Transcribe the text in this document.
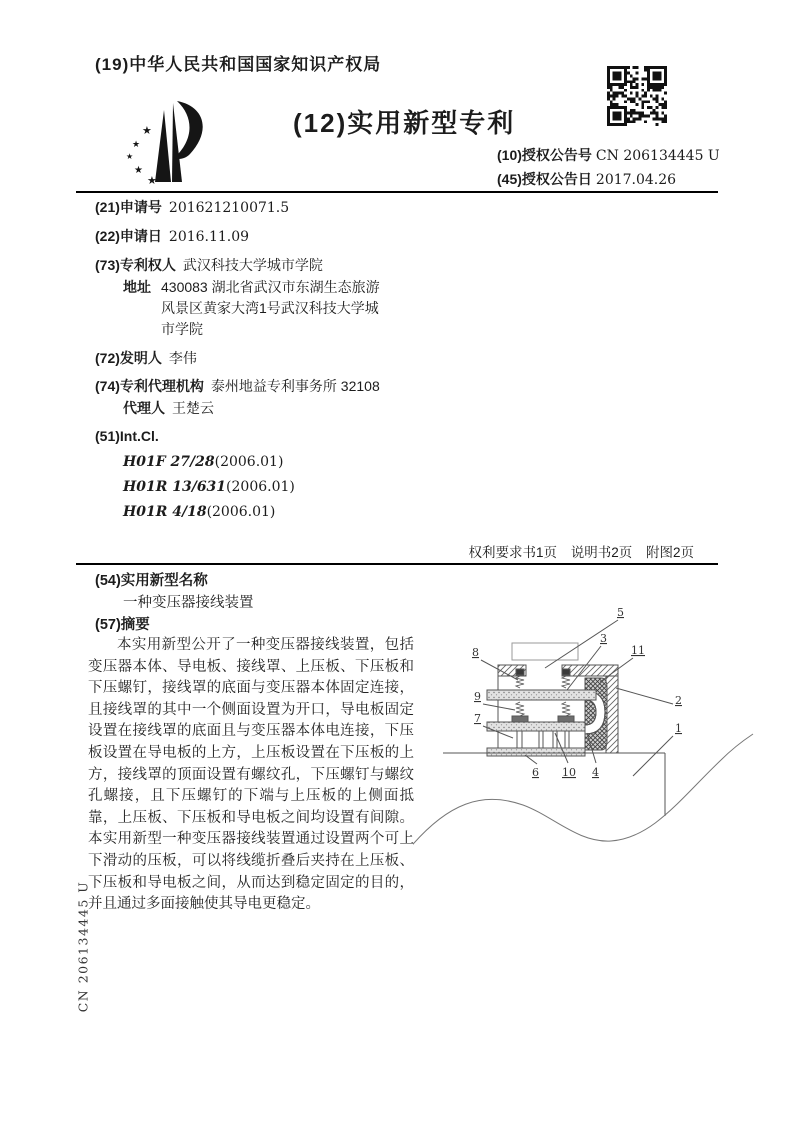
CN 206134445 U
(19)中华人民共和国国家知识产权局
★
★
★
★
★
(12)实用新型专利
(10)授权公告号 CN 206134445 U
(45)授权公告日 2017.04.26
(21)申请号 201621210071.5
(22)申请日 2016.11.09
(73)专利权人 武汉科技大学城市学院
地址 430083 湖北省武汉市东湖生态旅游
风景区黄家大湾1号武汉科技大学城
市学院
(72)发明人 李伟
(74)专利代理机构 泰州地益专利事务所 32108
代理人 王楚云
(51)Int.Cl.
H01F 27/28(2006.01)
H01R 13/631(2006.01)
H01R 4/18(2006.01)
权利要求书1页 说明书2页 附图2页
(54)实用新型名称
一种变压器接线装置
(57)摘要
本实用新型公开了一种变压器接线装置，包括变压器本体、导电板、接线罩、上压板、下压板和下压螺钉，接线罩的底面与变压器本体固定连接，且接线罩的其中一个侧面设置为开口，导电板固定设置在接线罩的底面且与变压器本体电连接，下压板设置在导电板的上方，上压板设置在下压板的上方，接线罩的顶面设置有螺纹孔，下压螺钉与螺纹孔螺接，且下压螺钉的下端与上压板的上侧面抵靠，上压板、下压板和导电板之间均设置有间隙。本实用新型一种变压器接线装置通过设置两个可上下滑动的压板，可以将线缆折叠后夹持在上压板、下压板和导电板之间，从而达到稳定固定的目的，并且通过多面接触使其导电更稳定。
5
3
8	11
9	2
7
1
6 10 4
